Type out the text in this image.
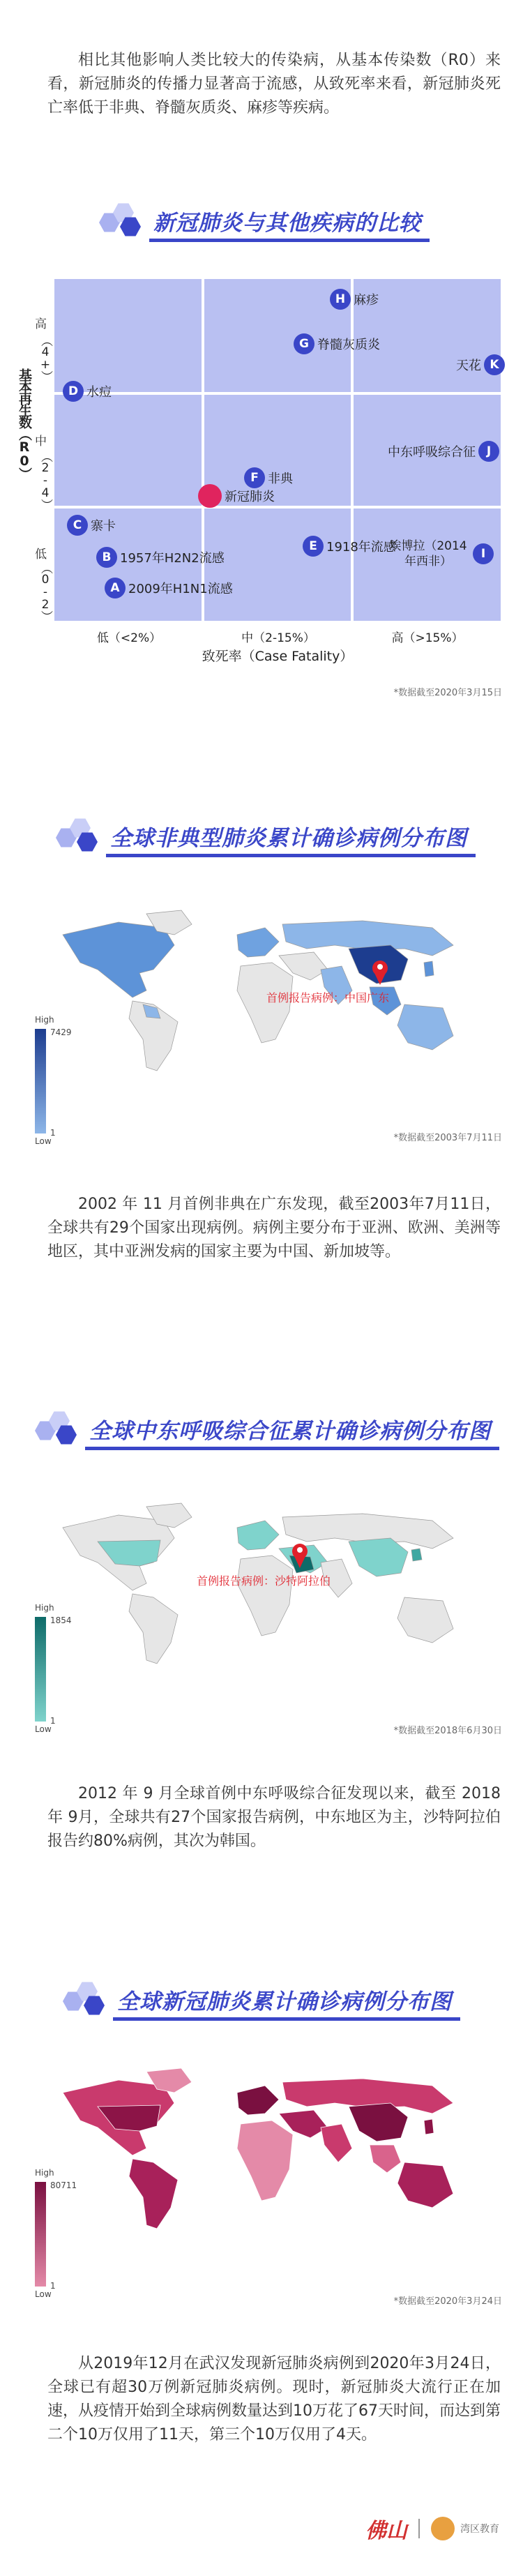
相比其他影响人类比较大的传染病，从基本传染数（R0）来看，新冠肺炎的传播力显著高于流感，从致死率来看，新冠肺炎死亡率低于非典、脊髓灰质炎、麻疹等疾病。
新冠肺炎与其他疾病的比较
基本再生数（R0）
高
（4+）
中
（2-4）
低
（0-2）
H 麻疹
G 脊髓灰质炎
K
天花
D 水痘
J
中东呼吸综合征
F 非典
新冠肺炎
C 寨卡
E 1918年流感	I
埃博拉（2014年西非）
B 1957年H2N2流感
A 2009年H1N1流感
低（<2%）	中（2-15%）	高（>15%）
致死率（Case Fatality）
*数据截至2020年3月15日
全球非典型肺炎累计确诊病例分布图
首例报告病例：中国广东
High
7429
1
Low	*数据截至2003年7月11日
2002 年 11 月首例非典在广东发现，截至2003年7月11日，全球共有29个国家出现病例。病例主要分布于亚洲、欧洲、美洲等地区，其中亚洲发病的国家主要为中国、新加坡等。
全球中东呼吸综合征累计确诊病例分布图
首例报告病例：沙特阿拉伯
High
1854
1
Low	*数据截至2018年6月30日
2012 年 9 月全球首例中东呼吸综合征发现以来，截至 2018年 9月，全球共有27个国家报告病例，中东地区为主，沙特阿拉伯报告约80%病例，其次为韩国。
全球新冠肺炎累计确诊病例分布图
High
80711
1
Low
*数据截至2020年3月24日
从2019年12月在武汉发现新冠肺炎病例到2020年3月24日，全球已有超30万例新冠肺炎病例。现时，新冠肺炎大流行正在加速，从疫情开始到全球病例数量达到10万花了67天时间，而达到第二个10万仅用了11天，第三个10万仅用了4天。
佛山	湾区教育
